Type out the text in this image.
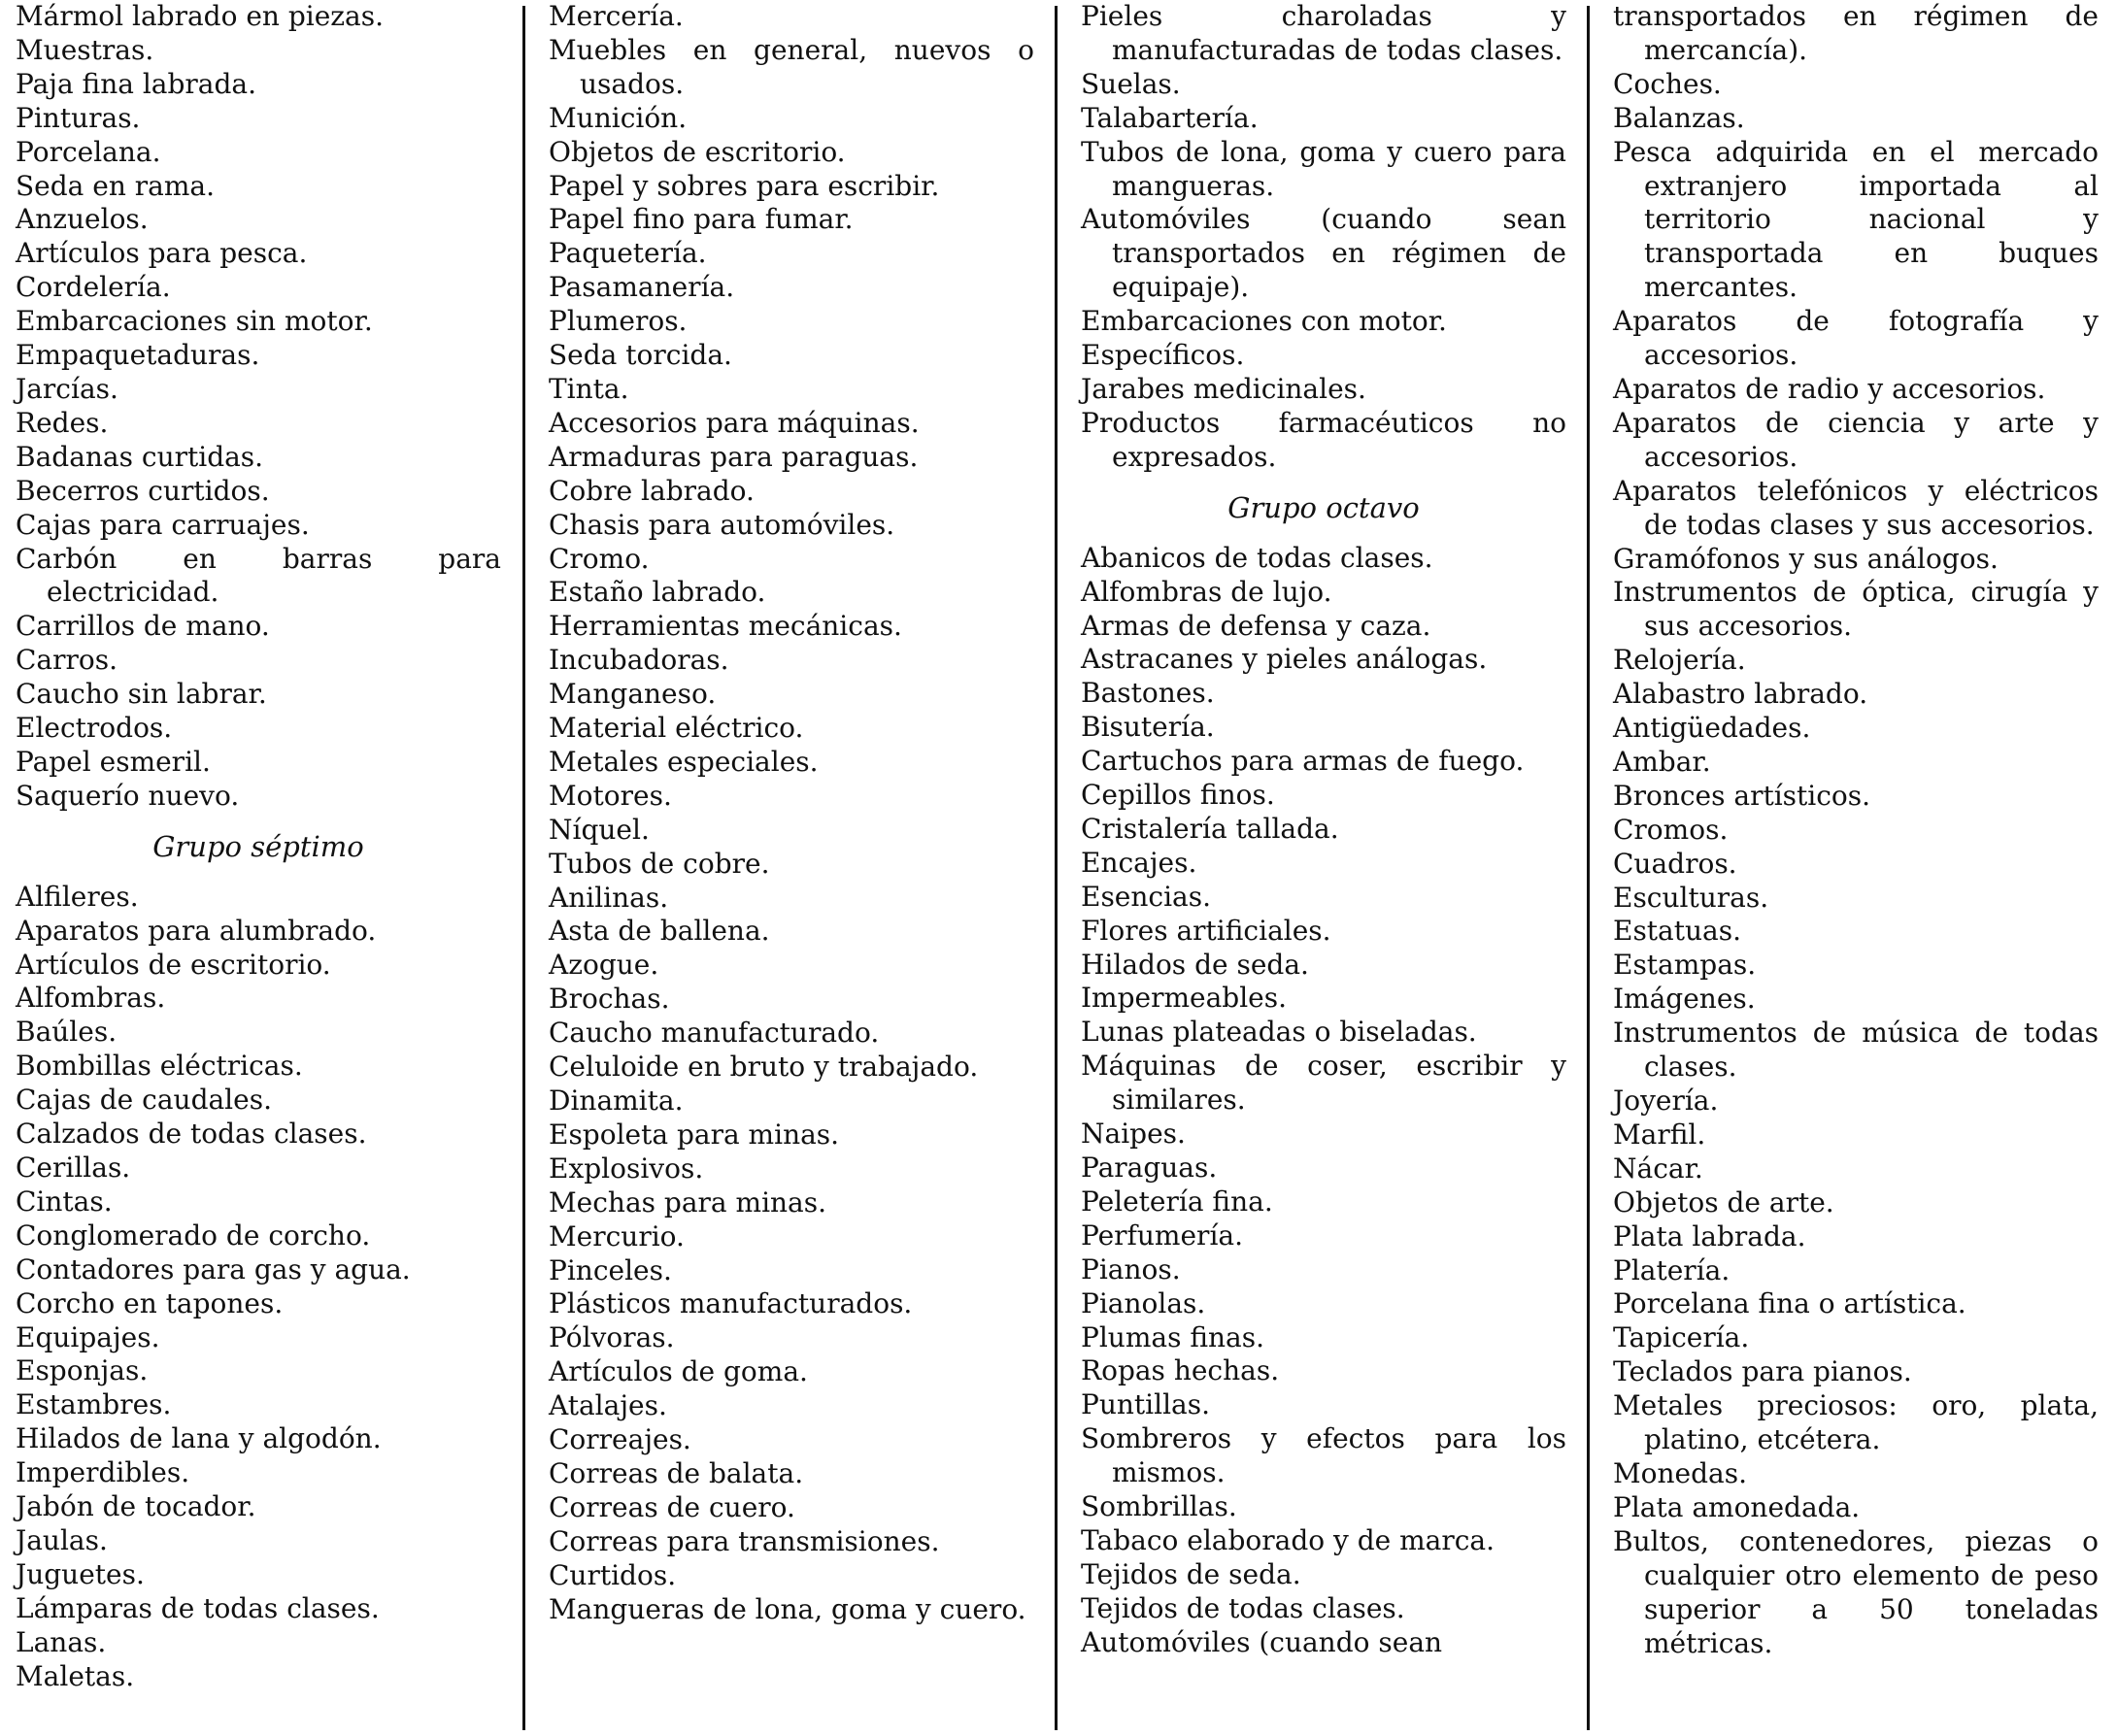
Mármol labrado en piezas.
Muestras.
Paja fina labrada.
Pinturas.
Porcelana.
Seda en rama.
Anzuelos.
Artículos para pesca.
Cordelería.
Embarcaciones sin motor.
Empaquetaduras.
Jarcías.
Redes.
Badanas curtidas.
Becerros curtidos.
Cajas para carruajes.
Carbón en barras para electricidad.
Carrillos de mano.
Carros.
Caucho sin labrar.
Electrodos.
Papel esmeril.
Saquerío nuevo.
Grupo séptimo
Alfileres.
Aparatos para alumbrado.
Artículos de escritorio.
Alfombras.
Baúles.
Bombillas eléctricas.
Cajas de caudales.
Calzados de todas clases.
Cerillas.
Cintas.
Conglomerado de corcho.
Contadores para gas y agua.
Corcho en tapones.
Equipajes.
Esponjas.
Estambres.
Hilados de lana y algodón.
Imperdibles.
Jabón de tocador.
Jaulas.
Juguetes.
Lámparas de todas clases.
Lanas.
Maletas.
Mercería.
Muebles en general, nuevos o usados.
Munición.
Objetos de escritorio.
Papel y sobres para escribir.
Papel fino para fumar.
Paquetería.
Pasamanería.
Plumeros.
Seda torcida.
Tinta.
Accesorios para máquinas.
Armaduras para paraguas.
Cobre labrado.
Chasis para automóviles.
Cromo.
Estaño labrado.
Herramientas mecánicas.
Incubadoras.
Manganeso.
Material eléctrico.
Metales especiales.
Motores.
Níquel.
Tubos de cobre.
Anilinas.
Asta de ballena.
Azogue.
Brochas.
Caucho manufacturado.
Celuloide en bruto y trabajado.
Dinamita.
Espoleta para minas.
Explosivos.
Mechas para minas.
Mercurio.
Pinceles.
Plásticos manufacturados.
Pólvoras.
Artículos de goma.
Atalajes.
Correajes.
Correas de balata.
Correas de cuero.
Correas para transmisiones.
Curtidos.
Mangueras de lona, goma y cuero.
Pieles charoladas y manufacturadas de todas clases.
Suelas.
Talabartería.
Tubos de lona, goma y cuero para mangueras.
Automóviles (cuando sean transportados en régimen de equipaje).
Embarcaciones con motor.
Específicos.
Jarabes medicinales.
Productos farmacéuticos no expresados.
Grupo octavo
Abanicos de todas clases.
Alfombras de lujo.
Armas de defensa y caza.
Astracanes y pieles análogas.
Bastones.
Bisutería.
Cartuchos para armas de fuego.
Cepillos finos.
Cristalería tallada.
Encajes.
Esencias.
Flores artificiales.
Hilados de seda.
Impermeables.
Lunas plateadas o biseladas.
Máquinas de coser, escribir y similares.
Naipes.
Paraguas.
Peletería fina.
Perfumería.
Pianos.
Pianolas.
Plumas finas.
Ropas hechas.
Puntillas.
Sombreros y efectos para los mismos.
Sombrillas.
Tabaco elaborado y de marca.
Tejidos de seda.
Tejidos de todas clases.
Automóviles (cuando sean
transportados en régimen de mercancía).
Coches.
Balanzas.
Pesca adquirida en el mercado extranjero importada al territorio nacional y transportada en buques mercantes.
Aparatos de fotografía y accesorios.
Aparatos de radio y accesorios.
Aparatos de ciencia y arte y accesorios.
Aparatos telefónicos y eléctricos de todas clases y sus accesorios.
Gramófonos y sus análogos.
Instrumentos de óptica, cirugía y sus accesorios.
Relojería.
Alabastro labrado.
Antigüedades.
Ambar.
Bronces artísticos.
Cromos.
Cuadros.
Esculturas.
Estatuas.
Estampas.
Imágenes.
Instrumentos de música de todas clases.
Joyería.
Marfil.
Nácar.
Objetos de arte.
Plata labrada.
Platería.
Porcelana fina o artística.
Tapicería.
Teclados para pianos.
Metales preciosos: oro, plata, platino, etcétera.
Monedas.
Plata amonedada.
Bultos, contenedores, piezas o cualquier otro elemento de peso superior a 50 toneladas métricas.
